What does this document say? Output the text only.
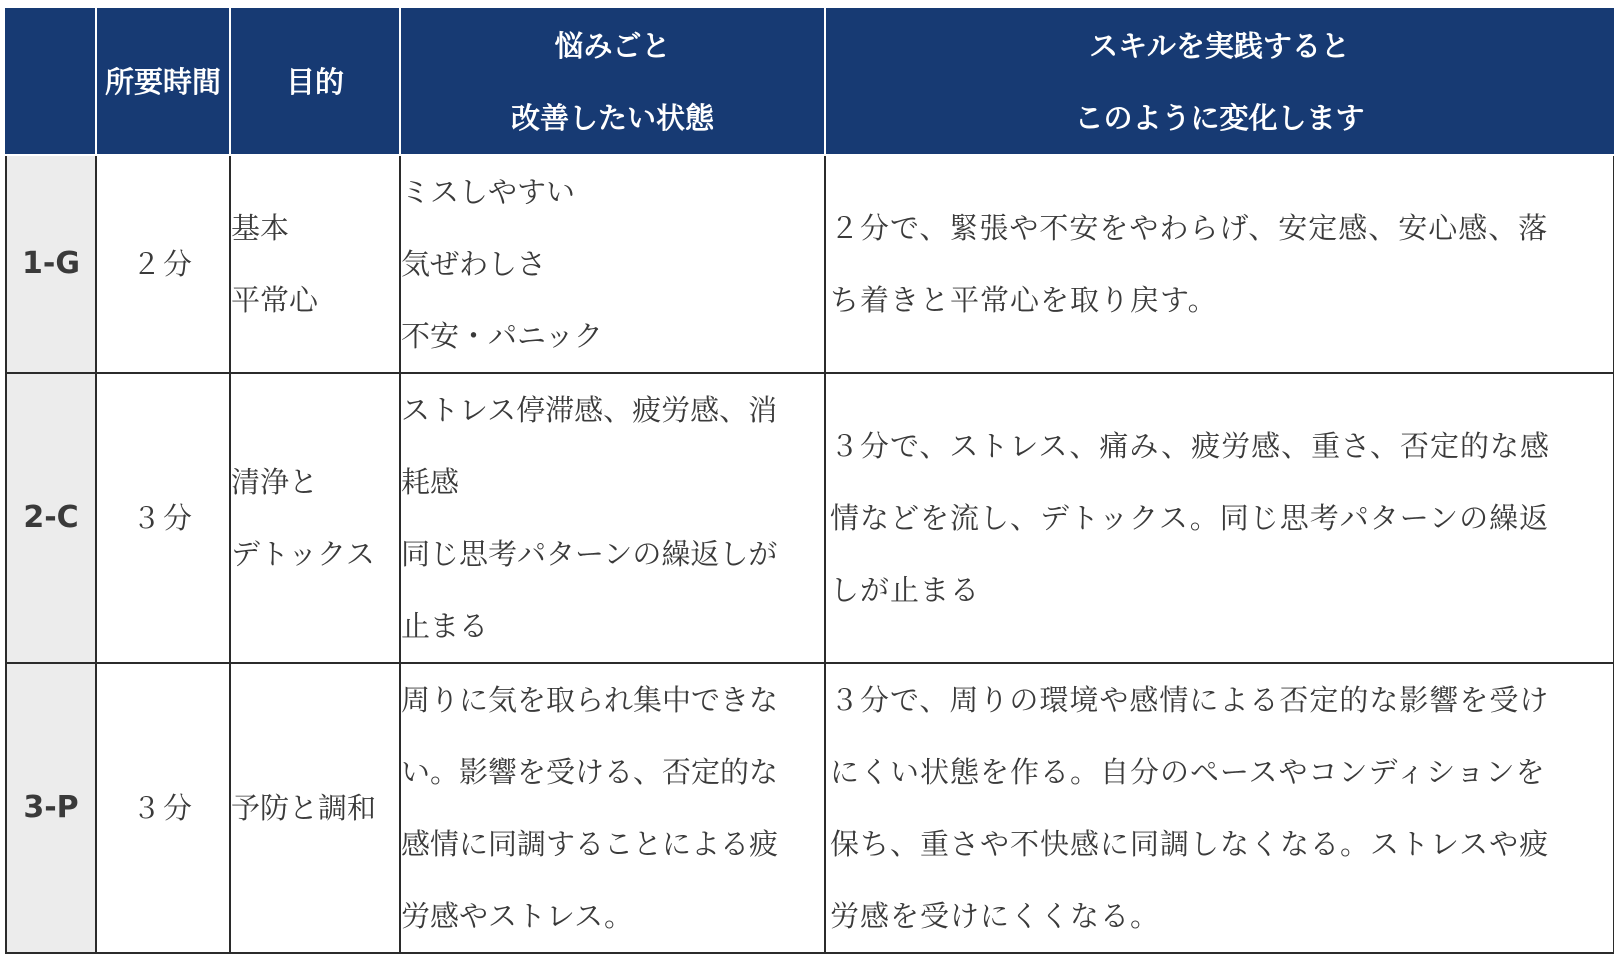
	所要時間	目的	悩みごと
改善したい状態	スキルを実践すると
このように変化します

1-G	２分	基本
平常心	ミスしやすい
気ぜわしさ
不安・パニック	２分で、緊張や不安をやわらげ、安定感、安心感、落
ち着きと平常心を取り戻す。

2-C	３分	清浄と
デトックス	ストレス停滞感、疲労感、消
耗感
同じ思考パターンの繰返しが
止まる	３分で、ストレス、痛み、疲労感、重さ、否定的な感
情などを流し、デトックス。同じ思考パターンの繰返
しが止まる

3-P	３分	予防と調和	周りに気を取られ集中できな
い。影響を受ける、否定的な
感情に同調することによる疲
労感やストレス。	３分で、周りの環境や感情による否定的な影響を受け
にくい状態を作る。自分のペースやコンディションを
保ち、重さや不快感に同調しなくなる。ストレスや疲
労感を受けにくくなる。
